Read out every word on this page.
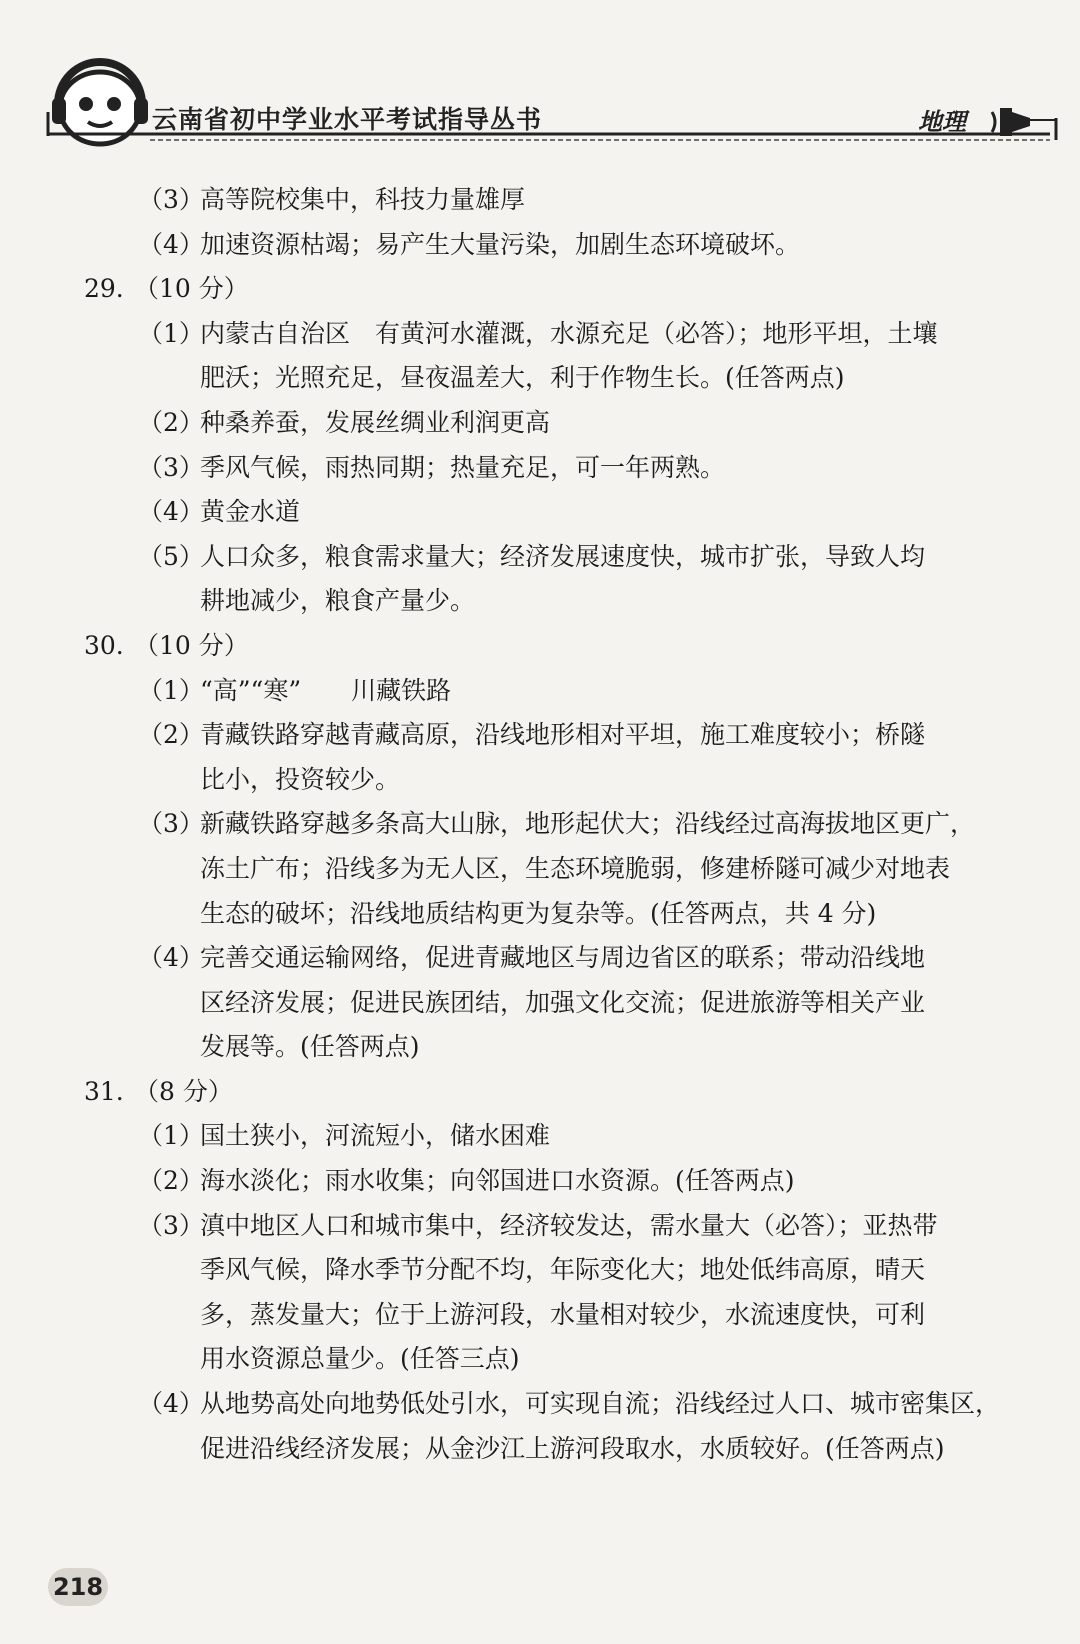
云南省初中学业水平考试指导丛书	地理
（3）
高等院校集中，科技力量雄厚
（4）
加速资源枯竭；易产生大量污染，加剧生态环境破坏。
29. （10 分）
（1）
内蒙古自治区　有黄河水灌溉，水源充足（必答）；地形平坦，土壤
肥沃；光照充足，昼夜温差大，利于作物生长。(任答两点)
（2）
种桑养蚕，发展丝绸业利润更高
（3）
季风气候，雨热同期；热量充足，可一年两熟。
（4）
黄金水道
（5）
人口众多，粮食需求量大；经济发展速度快，城市扩张，导致人均
耕地减少，粮食产量少。
30. （10 分）
（1）
“高”“寒”　　川藏铁路
（2）
青藏铁路穿越青藏高原，沿线地形相对平坦，施工难度较小；桥隧
比小，投资较少。
（3）
新藏铁路穿越多条高大山脉，地形起伏大；沿线经过高海拔地区更广，
冻土广布；沿线多为无人区，生态环境脆弱，修建桥隧可减少对地表
生态的破坏；沿线地质结构更为复杂等。(任答两点，共 4 分)
（4）
完善交通运输网络，促进青藏地区与周边省区的联系；带动沿线地
区经济发展；促进民族团结，加强文化交流；促进旅游等相关产业
发展等。(任答两点)
31. （8 分）
（1）
国土狭小，河流短小，储水困难
（2）
海水淡化；雨水收集；向邻国进口水资源。(任答两点)
（3）
滇中地区人口和城市集中，经济较发达，需水量大（必答）；亚热带
季风气候，降水季节分配不均，年际变化大；地处低纬高原，晴天
多，蒸发量大；位于上游河段，水量相对较少，水流速度快，可利
用水资源总量少。(任答三点)
（4）
从地势高处向地势低处引水，可实现自流；沿线经过人口、城市密集区，
促进沿线经济发展；从金沙江上游河段取水，水质较好。(任答两点)
218
